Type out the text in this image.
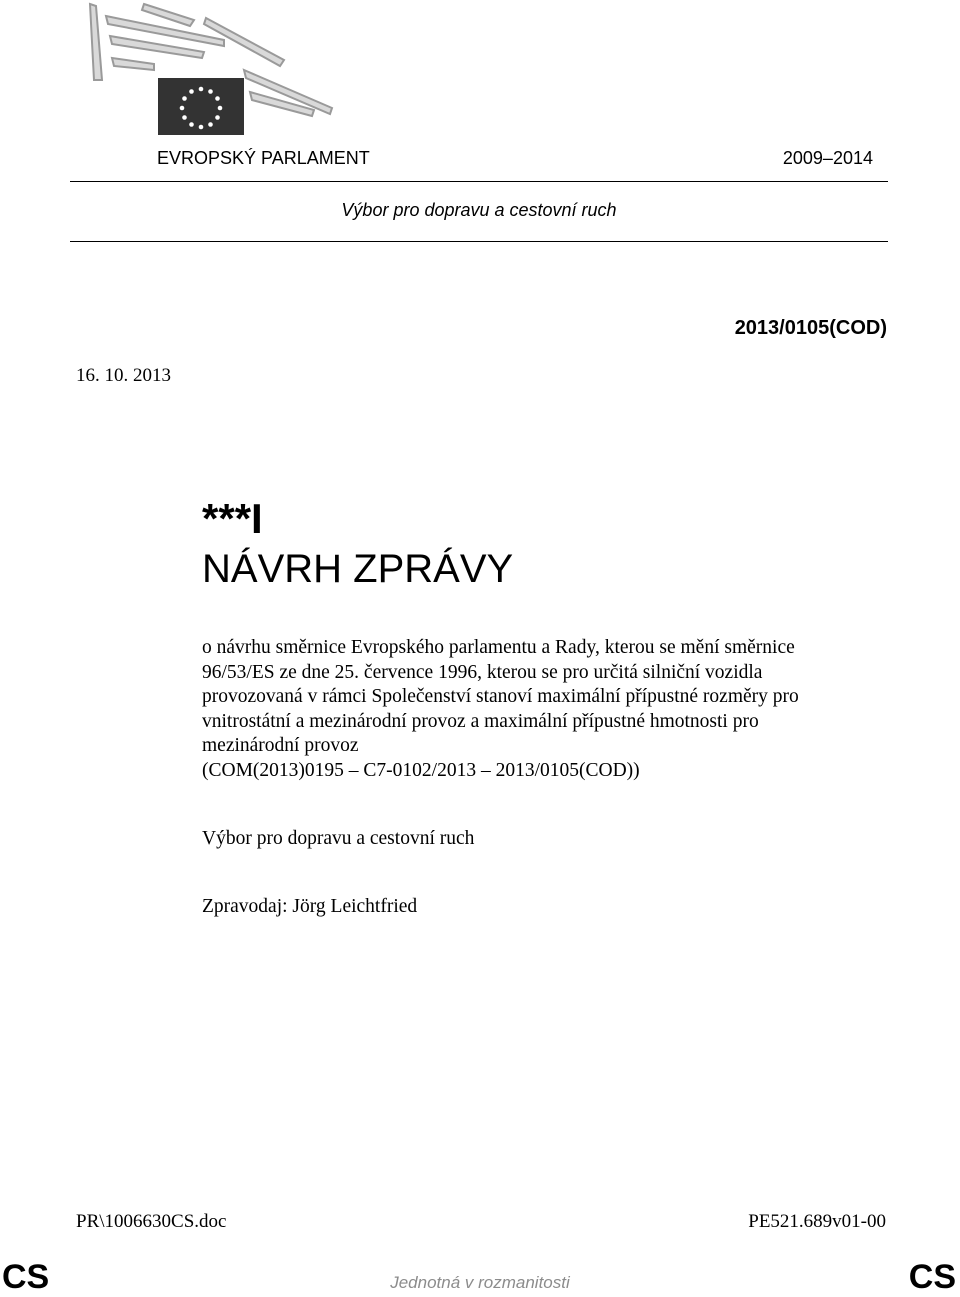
EVROPSKÝ PARLAMENT	2009–2014
Výbor pro dopravu a cestovní ruch
2013/0105(COD)
16. 10. 2013
***I
NÁVRH ZPRÁVY
o návrhu směrnice Evropského parlamentu a Rady, kterou se mění směrnice
96/53/ES ze dne 25. července 1996, kterou se pro určitá silniční vozidla
provozovaná v rámci Společenství stanoví maximální přípustné rozměry pro
vnitrostátní a mezinárodní provoz a maximální přípustné hmotnosti pro
mezinárodní provoz
(COM(2013)0195 – C7-0102/2013 – 2013/0105(COD))
Výbor pro dopravu a cestovní ruch
Zpravodaj: Jörg Leichtfried
PR\1006630CS.doc	PE521.689v01-00
CS	Jednotná v rozmanitosti	CS
